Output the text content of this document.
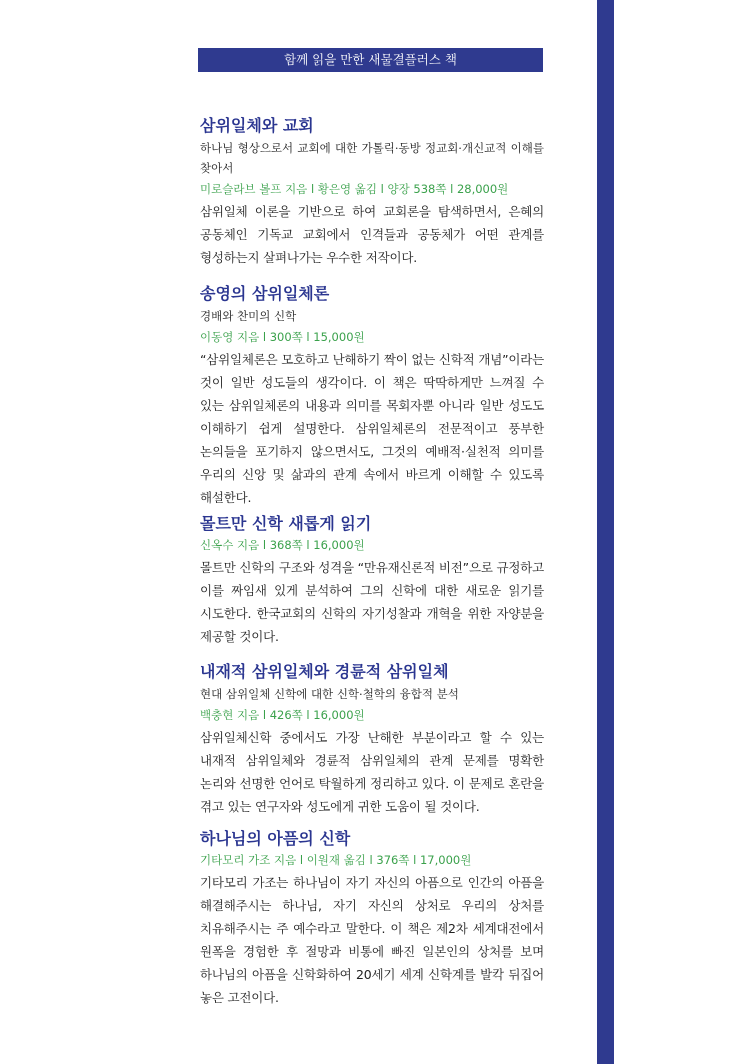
함께 읽을 만한 새물결플러스 책
삼위일체와 교회
하나님 형상으로서 교회에 대한 가톨릭·동방 정교회·개신교적 이해를 찾아서
미로슬라브 볼프 지음 l 황은영 옮김 l 양장 538쪽 l 28,000원
삼위일체 이론을 기반으로 하여 교회론을 탐색하면서, 은혜의 공동체인 기독교 교회에서 인격들과 공동체가 어떤 관계를 형성하는지 살펴나가는 우수한 저작이다.
송영의 삼위일체론
경배와 찬미의 신학
이동영 지음 l 300쪽 l 15,000원
“삼위일체론은 모호하고 난해하기 짝이 없는 신학적 개념”이라는 것이 일반 성도들의 생각이다. 이 책은 딱딱하게만 느껴질 수 있는 삼위일체론의 내용과 의미를 목회자뿐 아니라 일반 성도도 이해하기 쉽게 설명한다. 삼위일체론의 전문적이고 풍부한 논의들을 포기하지 않으면서도, 그것의 예배적·실천적 의미를 우리의 신앙 및 삶과의 관계 속에서 바르게 이해할 수 있도록 해설한다.
몰트만 신학 새롭게 읽기
신옥수 지음 l 368쪽 l 16,000원
몰트만 신학의 구조와 성격을 “만유재신론적 비전”으로 규정하고 이를 짜임새 있게 분석하여 그의 신학에 대한 새로운 읽기를 시도한다. 한국교회의 신학의 자기성찰과 개혁을 위한 자양분을 제공할 것이다.
내재적 삼위일체와 경륜적 삼위일체
현대 삼위일체 신학에 대한 신학·철학의 융합적 분석
백충현 지음 l 426쪽 l 16,000원
삼위일체신학 중에서도 가장 난해한 부분이라고 할 수 있는 내재적 삼위일체와 경륜적 삼위일체의 관계 문제를 명확한 논리와 선명한 언어로 탁월하게 정리하고 있다. 이 문제로 혼란을 겪고 있는 연구자와 성도에게 귀한 도움이 될 것이다.
하나님의 아픔의 신학
기타모리 가조 지음 l 이원재 옮김 l 376쪽 l 17,000원
기타모리 가조는 하나님이 자기 자신의 아픔으로 인간의 아픔을 해결해주시는 하나님, 자기 자신의 상처로 우리의 상처를 치유해주시는 주 예수라고 말한다. 이 책은 제2차 세계대전에서 원폭을 경험한 후 절망과 비통에 빠진 일본인의 상처를 보며 하나님의 아픔을 신학화하여 20세기 세계 신학계를 발칵 뒤집어 놓은 고전이다.
